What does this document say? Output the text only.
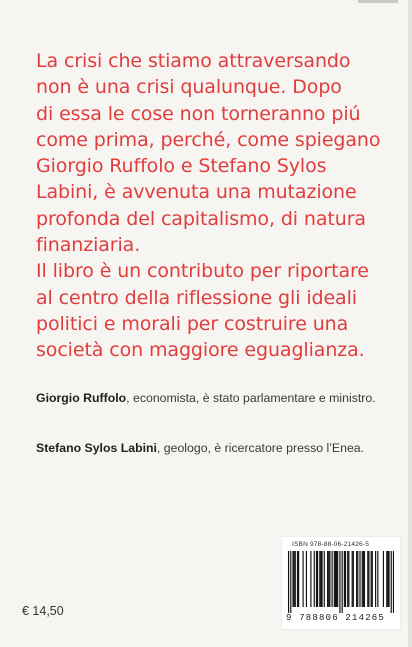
La crisi che stiamo attraversando
non è una crisi qualunque. Dopo
di essa le cose non torneranno piú
come prima, perché, come spiegano
Giorgio Ruffolo e Stefano Sylos
Labini, è avvenuta una mutazione
profonda del capitalismo, di natura
finanziaria.

Il libro è un contributo per riportare
al centro della riflessione gli ideali
politici e morali per costruire una
società con maggiore eguaglianza.

Giorgio Ruffolo, economista, è stato parlamentare e ministro.
Stefano Sylos Labini, geologo, è ricercatore presso l’Enea.
€ 14,50
ISBN 978-88-06-21426-5
9 788806 214265
